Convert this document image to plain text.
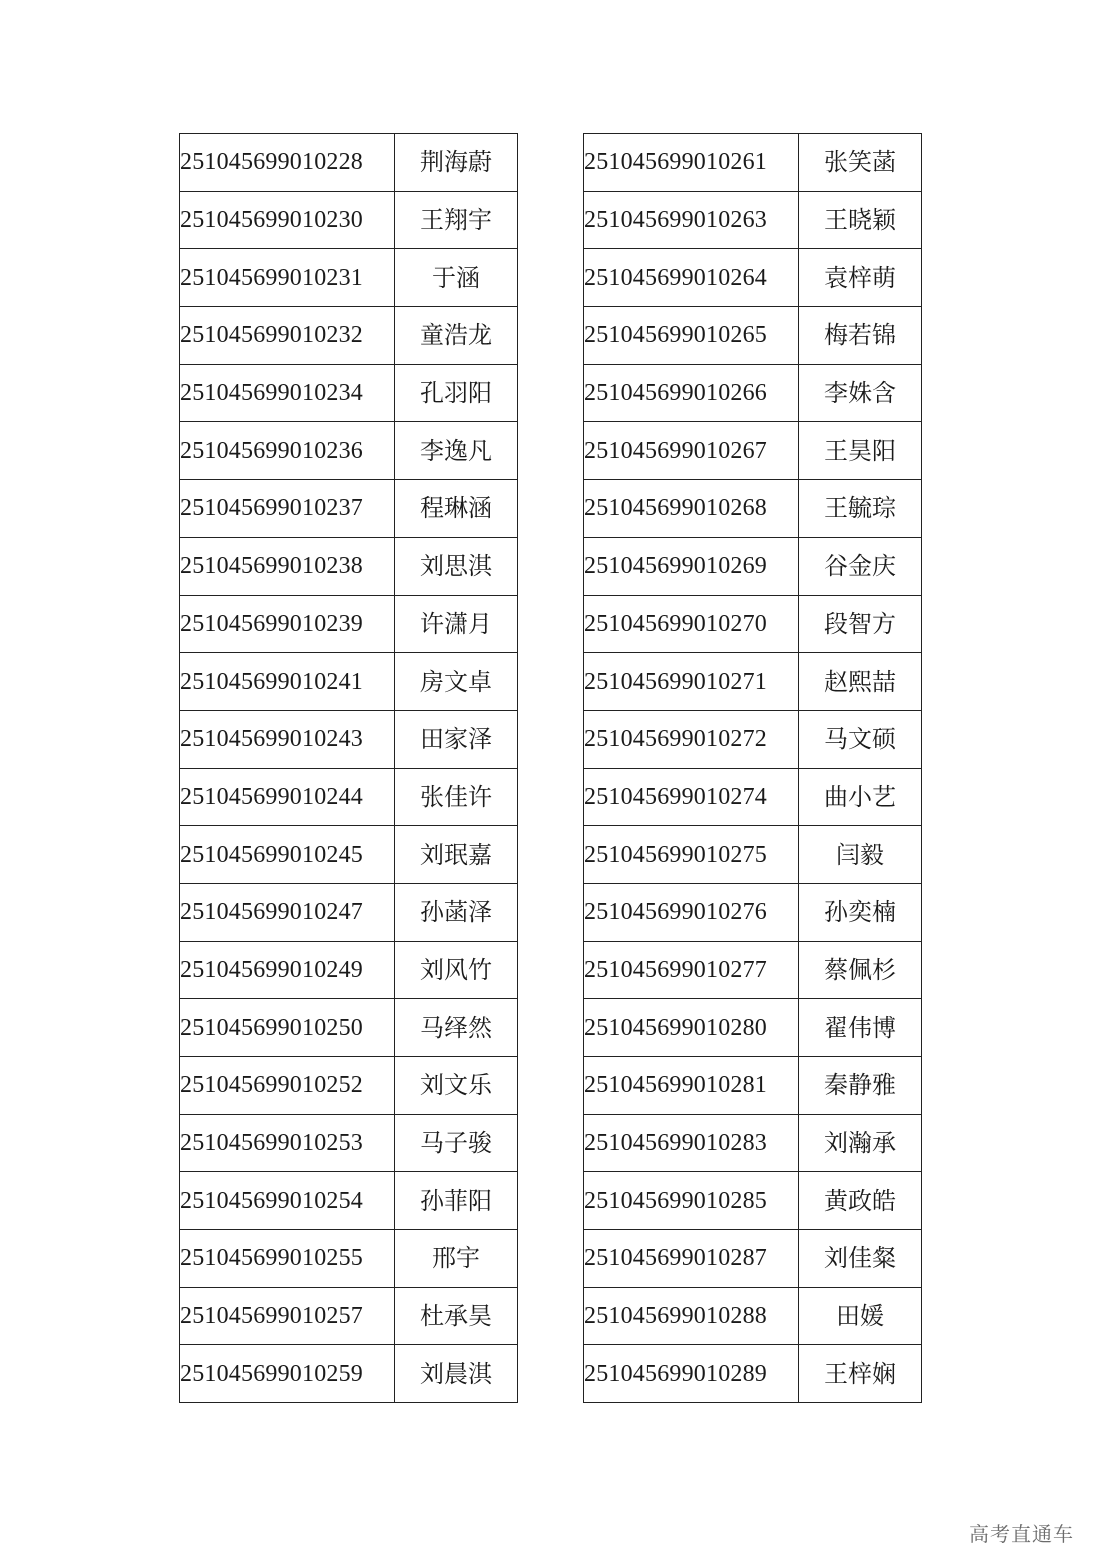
251045699010228	荆海蔚
251045699010230	王翔宇
251045699010231	于涵
251045699010232	童浩龙
251045699010234	孔羽阳
251045699010236	李逸凡
251045699010237	程琳涵
251045699010238	刘思淇
251045699010239	许潇月
251045699010241	房文卓
251045699010243	田家泽
251045699010244	张佳许
251045699010245	刘珉嘉
251045699010247	孙菡泽
251045699010249	刘风竹
251045699010250	马绎然
251045699010252	刘文乐
251045699010253	马子骏
251045699010254	孙菲阳
251045699010255	邢宇
251045699010257	杜承昊
251045699010259	刘晨淇
251045699010261	张笑菡
251045699010263	王晓颖
251045699010264	袁梓萌
251045699010265	梅若锦
251045699010266	李姝含
251045699010267	王昊阳
251045699010268	王毓琮
251045699010269	谷金庆
251045699010270	段智方
251045699010271	赵熙喆
251045699010272	马文硕
251045699010274	曲小艺
251045699010275	闫毅
251045699010276	孙奕楠
251045699010277	蔡佩杉
251045699010280	翟伟博
251045699010281	秦静雅
251045699010283	刘瀚承
251045699010285	黄政皓
251045699010287	刘佳粲
251045699010288	田媛
251045699010289	王梓娴
高考直通车
